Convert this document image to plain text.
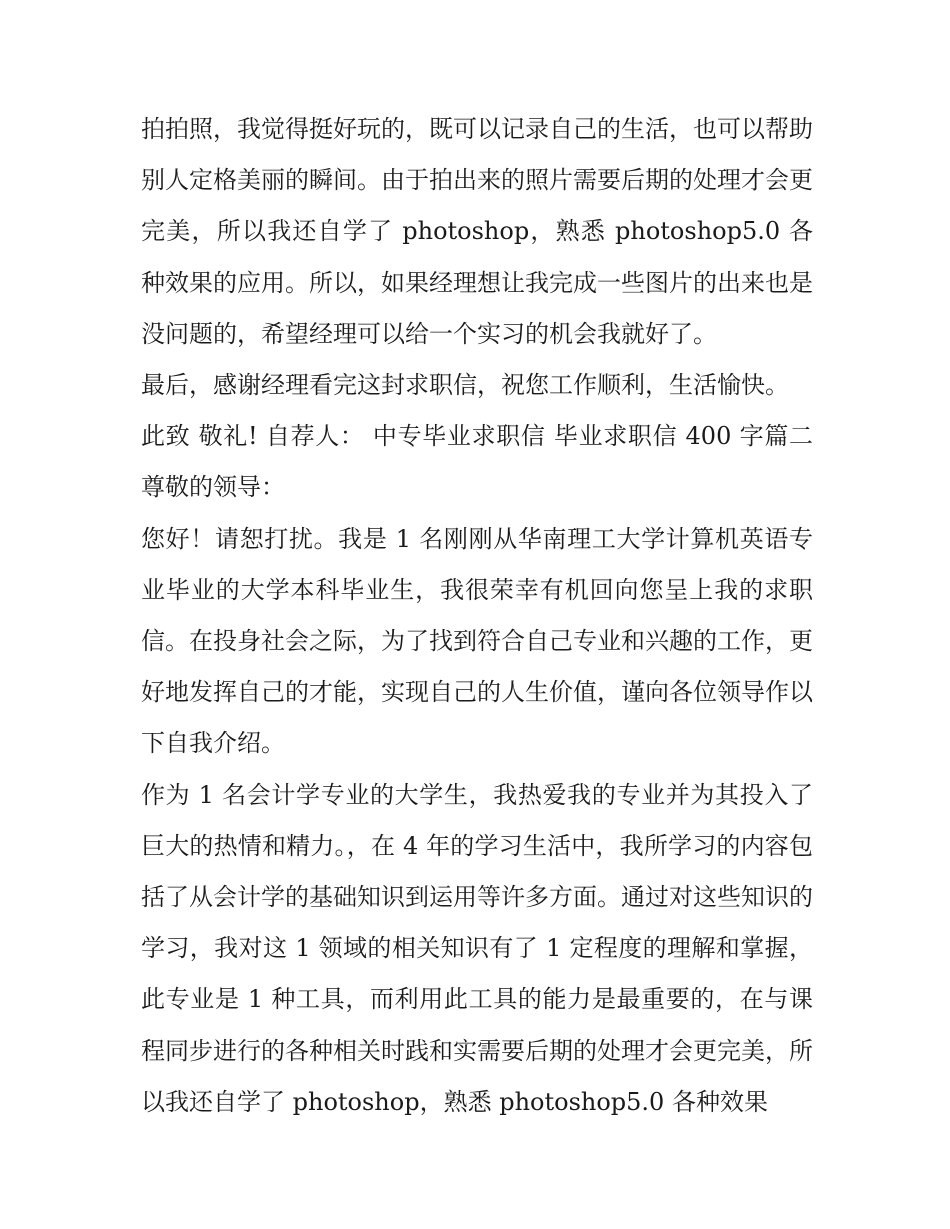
拍拍照，我觉得挺好玩的，既可以记录自己的生活，也可以帮助别人定格美丽的瞬间。由于拍出来的照片需要后期的处理才会更完美，所以我还自学了 photoshop，熟悉 photoshop5.0 各种效果的应用。所以，如果经理想让我完成一些图片的出来也是没问题的，希望经理可以给一个实习的机会我就好了。

最后，感谢经理看完这封求职信，祝您工作顺利，生活愉快。

此致 敬礼! 自荐人： 中专毕业求职信 毕业求职信 400 字篇二尊敬的领导：

您好！请恕打扰。我是 1 名刚刚从华南理工大学计算机英语专业毕业的大学本科毕业生，我很荣幸有机回向您呈上我的求职信。在投身社会之际，为了找到符合自己专业和兴趣的工作，更好地发挥自己的才能，实现自己的人生价值，谨向各位领导作以下自我介绍。

作为 1 名会计学专业的大学生，我热爱我的专业并为其投入了巨大的热情和精力。，在 4 年的学习生活中，我所学习的内容包括了从会计学的基础知识到运用等许多方面。通过对这些知识的学习，我对这 1 领域的相关知识有了 1 定程度的理解和掌握，此专业是 1 种工具，而利用此工具的能力是最重要的，在与课程同步进行的各种相关时践和实需要后期的处理才会更完美，所以我还自学了 photoshop，熟悉 photoshop5.0 各种效果
